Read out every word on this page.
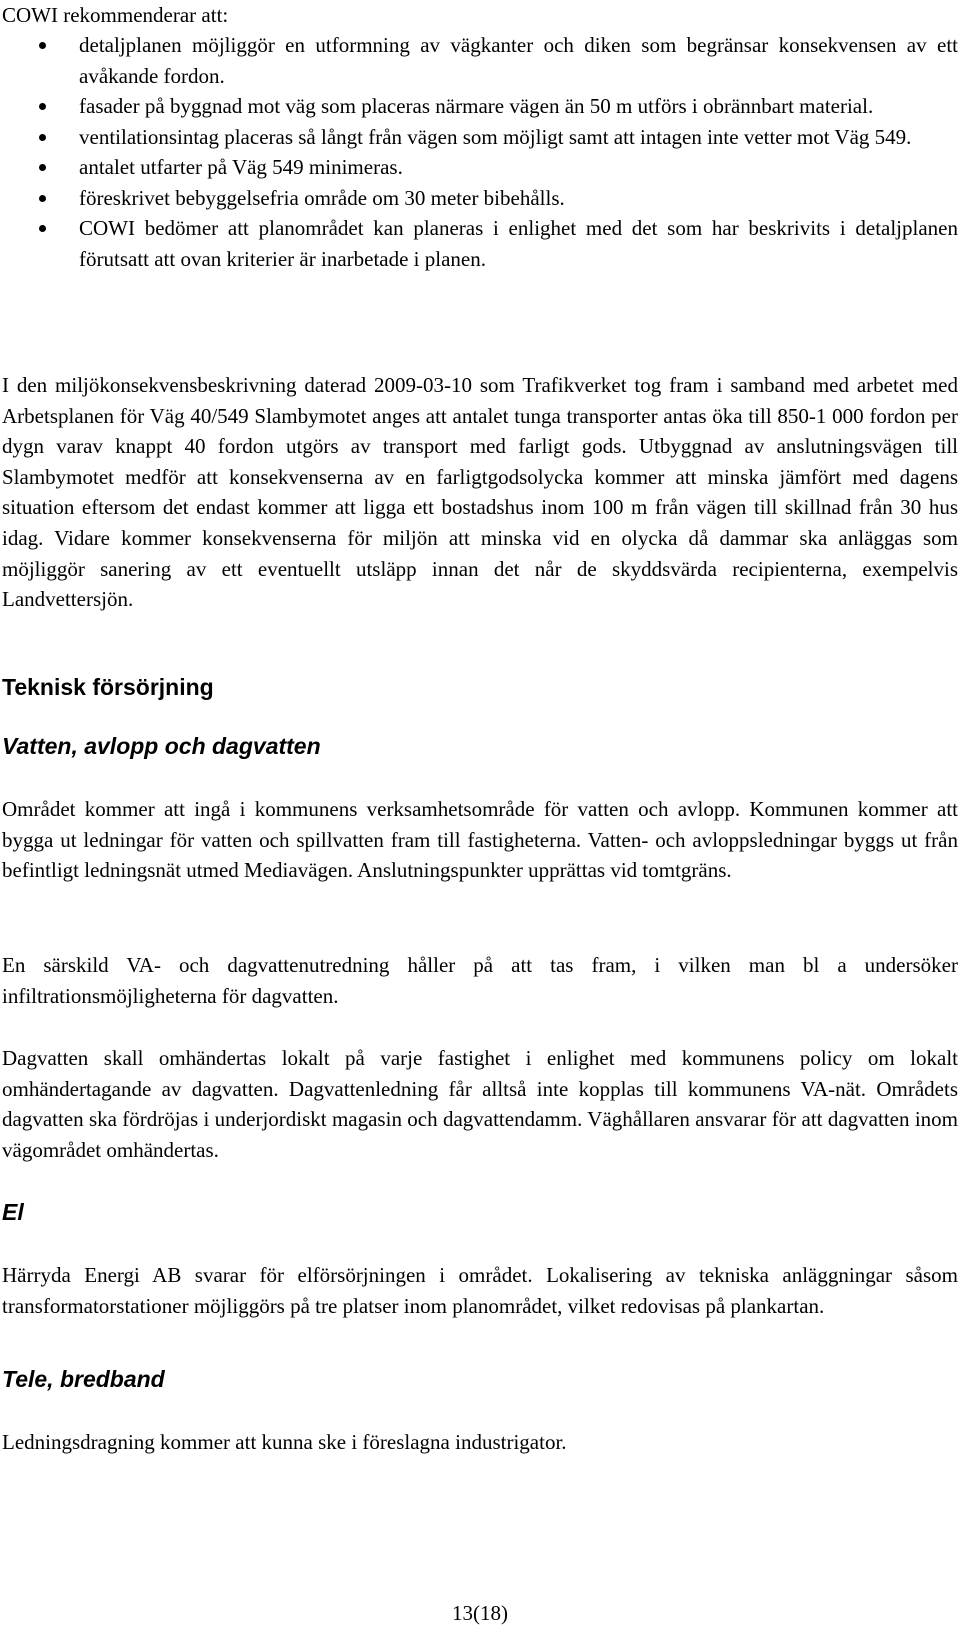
COWI rekommenderar att:

detaljplanen möjliggör en utformning av vägkanter och diken som begränsar konsekvensen av ett avåkande fordon.
fasader på byggnad mot väg som placeras närmare vägen än 50 m utförs i obrännbart material.
ventilationsintag placeras så långt från vägen som möjligt samt att intagen inte vetter mot Väg 549.
antalet utfarter på Väg 549 minimeras.
föreskrivet bebyggelsefria område om 30 meter bibehålls.
COWI bedömer att planområdet kan planeras i enlighet med det som har beskrivits i detaljplanen förutsatt att ovan kriterier är inarbetade i planen.

I den miljökonsekvensbeskrivning daterad 2009-03-10 som Trafikverket tog fram i samband med arbetet med Arbetsplanen för Väg 40/549 Slambymotet anges att antalet tunga transporter antas öka till 850-1 000 fordon per dygn varav knappt 40 fordon utgörs av transport med farligt gods. Utbyggnad av anslutningsvägen till Slambymotet medför att konsekvenserna av en farligtgodsolycka kommer att minska jämfört med dagens situation eftersom det endast kommer att ligga ett bostadshus inom 100 m från vägen till skillnad från 30 hus idag. Vidare kommer konsekvenserna för miljön att minska vid en olycka då dammar ska anläggas som möjliggör sanering av ett eventuellt utsläpp innan det når de skyddsvärda recipienterna, exempelvis Landvettersjön.

Teknisk försörjning
Vatten, avlopp och dagvatten

Området kommer att ingå i kommunens verksamhetsområde för vatten och avlopp. Kommunen kommer att bygga ut ledningar för vatten och spillvatten fram till fastigheterna. Vatten- och avloppsledningar byggs ut från befintligt ledningsnät utmed Mediavägen. Anslutningspunkter upprättas vid tomtgräns.

En särskild VA- och dagvattenutredning håller på att tas fram, i vilken man bl a undersöker infiltrationsmöjligheterna för dagvatten.

Dagvatten skall omhändertas lokalt på varje fastighet i enlighet med kommunens policy om lokalt omhändertagande av dagvatten. Dagvattenledning får alltså inte kopplas till kommunens VA-nät. Områdets dagvatten ska fördröjas i underjordiskt magasin och dagvattendamm. Väghållaren ansvarar för att dagvatten inom vägområdet omhändertas.

El

Härryda Energi AB svarar för elförsörjningen i området. Lokalisering av tekniska anläggningar såsom transformatorstationer möjliggörs på tre platser inom planområdet, vilket redovisas på plankartan.

Tele, bredband

Ledningsdragning kommer att kunna ske i föreslagna industrigator.

13(18)
